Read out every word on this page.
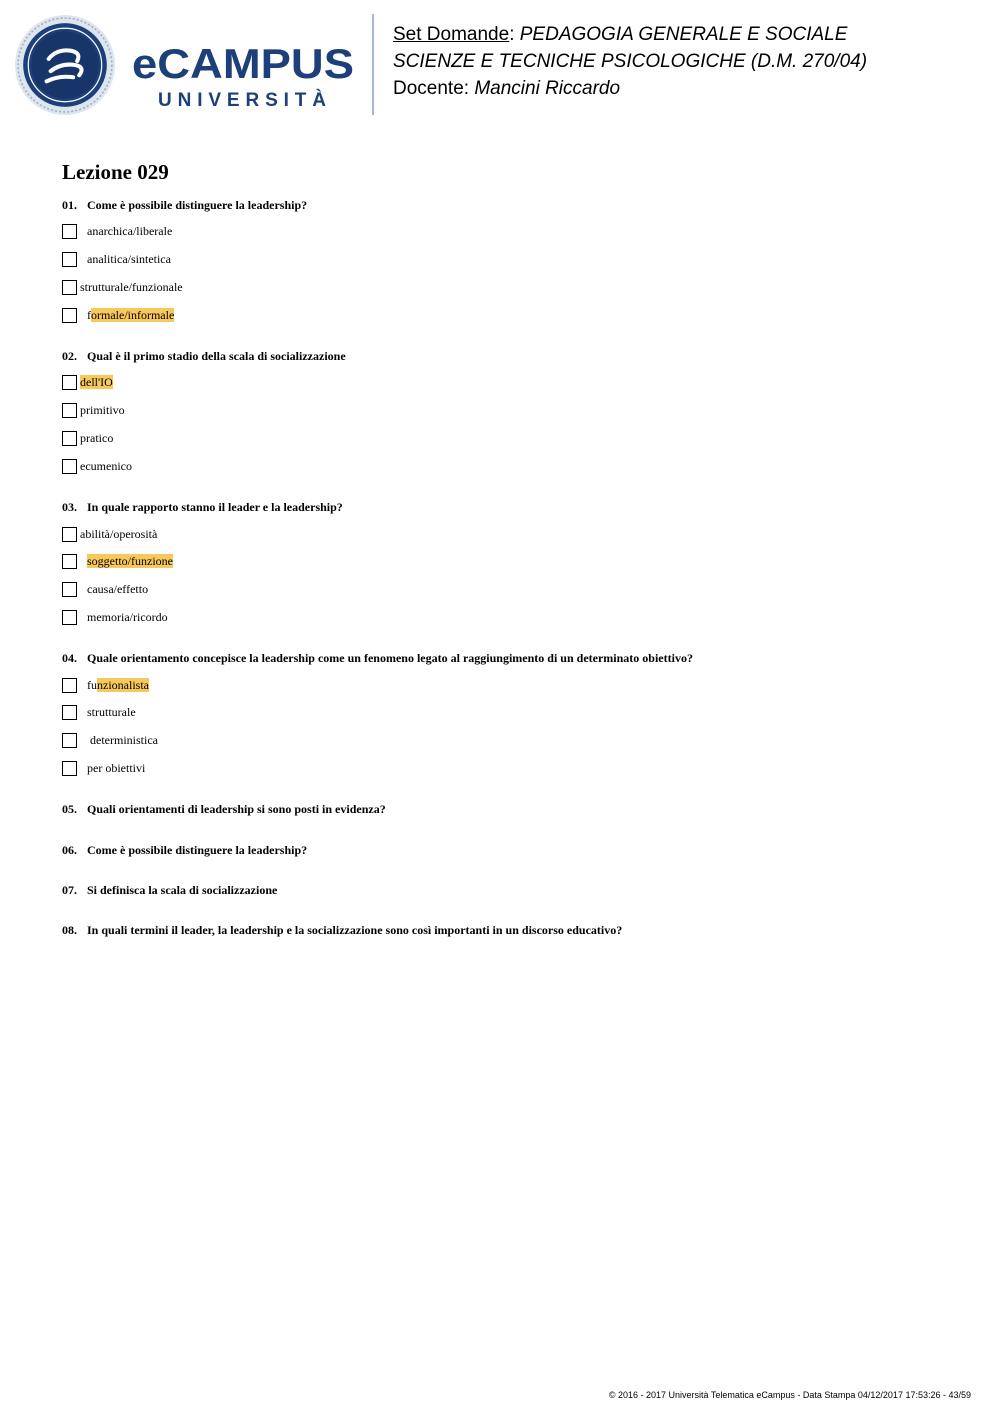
eCAMPUS
UNIVERSITÀ
Set Domande: PEDAGOGIA GENERALE E SOCIALE
SCIENZE E TECNICHE PSICOLOGICHE (D.M. 270/04)
Docente: Mancini Riccardo
Lezione 029
01. Come è possibile distinguere la leadership?
anarchica/liberale
analitica/sintetica
strutturale/funzionale
formale/informale
02. Qual è il primo stadio della scala di socializzazione
dell'IO
primitivo
pratico
ecumenico
03. In quale rapporto stanno il leader e la leadership?
abilità/operosità
soggetto/funzione
causa/effetto
memoria/ricordo
04. Quale orientamento concepisce la leadership come un fenomeno legato al raggiungimento di un determinato obiettivo?
funzionalista
strutturale
deterministica
per obiettivi
05. Quali orientamenti di leadership si sono posti in evidenza?
06. Come è possibile distinguere la leadership?
07. Si definisca la scala di socializzazione
08. In quali termini il leader, la leadership e la socializzazione sono così importanti in un discorso educativo?
© 2016 - 2017 Università Telematica eCampus - Data Stampa 04/12/2017 17:53:26 - 43/59
